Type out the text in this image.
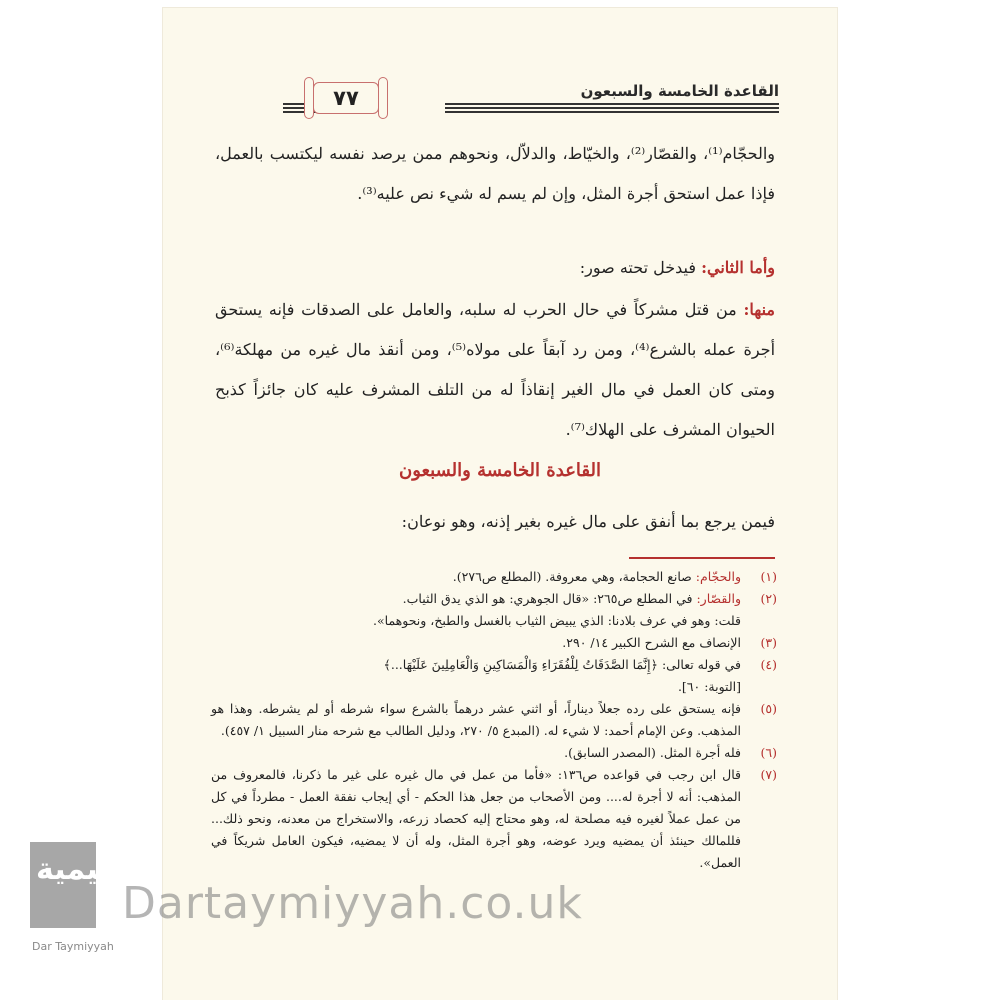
القاعدة الخامسة والسبعون
٧٧
والحجّام⁽¹⁾، والقصّار⁽²⁾، والخيّاط، والدلاّل، ونحوهم ممن يرصد نفسه ليكتسب بالعمل، فإذا عمل استحق أجرة المثل، وإن لم يسم له شيء نص عليه⁽³⁾.
وأما الثاني: فيدخل تحته صور:
منها: من قتل مشركاً في حال الحرب له سلبه، والعامل على الصدقات فإنه يستحق أجرة عمله بالشرع⁽⁴⁾، ومن رد آبقاً على مولاه⁽⁵⁾، ومن أنقذ مال غيره من مهلكة⁽⁶⁾، ومتى كان العمل في مال الغير إنقاذاً له من التلف المشرف عليه كان جائزاً كذبح الحيوان المشرف على الهلاك⁽⁷⁾.
القاعدة الخامسة والسبعون
فيمن يرجع بما أنفق على مال غيره بغير إذنه، وهو نوعان:
(١)
والحجّام: صانع الحجامة، وهي معروفة. (المطلع ص٢٧٦).
(٢)
والقصّار: في المطلع ص٢٦٥: «قال الجوهري: هو الذي يدق الثياب.
قلت: وهو في عرف بلادنا: الذي يبيض الثياب بالغسل والطبخ، ونحوهما».
(٣)
الإنصاف مع الشرح الكبير ١٤/ ٢٩٠.
(٤)
في قوله تعالى: ﴿إِنَّمَا الصَّدَقَاتُ لِلْفُقَرَاءِ وَالْمَسَاكِينِ وَالْعَامِلِينَ عَلَيْهَا...﴾
[التوبة: ٦٠].
(٥)
فإنه يستحق على رده جعلاً ديناراً، أو اثني عشر درهماً بالشرع سواء شرطه أو لم يشرطه. وهذا هو المذهب. وعن الإمام أحمد: لا شيء له. (المبدع ٥/ ٢٧٠، ودليل الطالب مع شرحه منار السبيل ١/ ٤٥٧).
(٦)
فله أجرة المثل. (المصدر السابق).
(٧)
قال ابن رجب في قواعده ص١٣٦: «فأما من عمل في مال غيره على غير ما ذكرنا، فالمعروف من المذهب: أنه لا أجرة له.... ومن الأصحاب من جعل هذا الحكم - أي إيجاب نفقة العمل - مطرداً في كل من عمل عملاً لغيره فيه مصلحة له، وهو محتاج إليه كحصاد زرعه، والاستخراج من معدنه، ونحو ذلك... فللمالك حينئذ أن يمضيه ويرد عوضه، وهو أجرة المثل، وله أن لا يمضيه، فيكون العامل شريكاً في العمل».
دار تيمية
Dar Taymiyyah
Dartaymiyyah.co.uk
